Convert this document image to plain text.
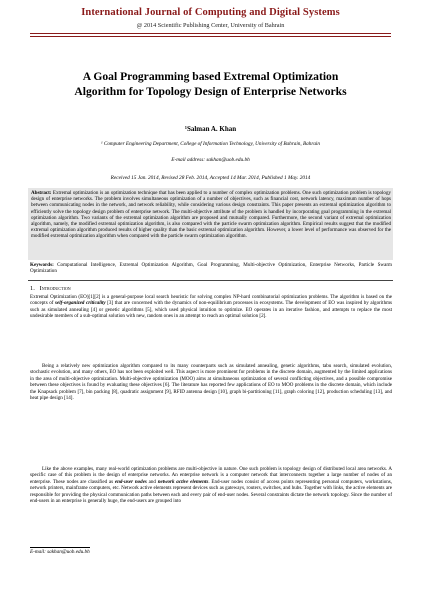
International Journal of Computing and Digital Systems
@ 2014 Scientific Publishing Center, University of Bahrain
A Goal Programming based Extremal Optimization
Algorithm for Topology Design of Enterprise Networks
¹Salman A. Khan
¹ Computer Engineering Department, College of Information Technology, University of Bahrain, Bahrain
E-mail address: sakhan@uob.edu.bh
Received 15 Jan. 2014, Revised 28 Feb. 2014, Accepted 14 Mar. 2014, Published 1 May. 2014
Abstract: Extremal optimization is an optimization technique that has been applied to a number of complex optimization problems. One such optimization problem is topology design of enterprise networks. The problem involves simultaneous optimization of a number of objectives, such as financial cost, network latency, maximum number of hops between communicating nodes in the network, and network reliability, while considering various design constraints. This paper presents an extremal optimization algorithm to efficiently solve the topology design problem of enterprise network. The multi-objective attribute of the problem is handled by incorporating goal programming in the extremal optimization algorithm. Two variants of the extremal optimization algorithm are proposed and mutually compared. Furthermore, the second variant of extremal optimization algorithm, namely, the modified extremal optimization algorithm, is also compared with the particle swarm optimization algorithm. Empirical results suggest that the modified extremal optimization algorithm produced results of higher quality than the basic extremal optimization algorithm. However, a lower level of performance was observed for the modified extremal optimization algorithm when compared with the particle swarm optimization algorithm.
Keywords: Computational Intelligence, Extremal Optimization Algorithm, Goal Programming, Multi-objective Optimization, Enterprise Networks, Particle Swarm Optimization
1. Introduction
Extremal Optimization (EO)[1][2] is a general-purpose local search heuristic for solving complex NP-hard combinatorial optimization problems. The algorithm is based on the concepts of self-organized criticality [3] that are concerned with the dynamics of non-equilibrium processes in ecosystems. The development of EO was inspired by algorithms such as simulated annealing [4] or genetic algorithms [5], which used physical intuition to optimize. EO operates in an iterative fashion, and attempts to replace the most undesirable members of a sub-optimal solution with new, random ones in an attempt to reach an optimal solution [2].
Being a relatively new optimization algorithm compared to its many counterparts such as simulated annealing, genetic algorithms, tabu search, simulated evolution, stochastic evolution, and many others, EO has not been exploited well. This aspect is more prominent for problems in the discrete domain, augmented by the limited applications in the area of multi-objective optimization. Multi-objective optimization (MOO) aims at simultaneous optimization of several conflicting objectives, and a possible compromise between these objectives is found by evaluating these objectives [6]. The literature has reported few applications of EO to MOO problems in the discrete domain, which include the Knapsack problem [7], bin packing [8], quadratic assignment [9], RFID antenna design [10], graph bi-partitioning [11], graph coloring [12], production scheduling [13], and heat pipe design [14].
Like the above examples, many real-world optimization problems are multi-objective in nature. One such problem is topology design of distributed local area networks. A specific case of this problem is the design of enterprise networks. An enterprise network is a computer network that interconnects together a large number of nodes of an enterprise. These nodes are classified as end-user nodes and network active elements. End-user nodes consist of access points representing personal computers, workstations, network printers, mainframe computers, etc. Network active elements represent devices such as gateways, routers, switches, and hubs. Together with links, the active elements are responsible for providing the physical communication paths between each and every pair of end-user nodes. Several constraints dictate the network topology. Since the number of end-users in an enterprise is generally huge, the end-users are grouped into
E-mail: sakhan@uob.edu.bh
